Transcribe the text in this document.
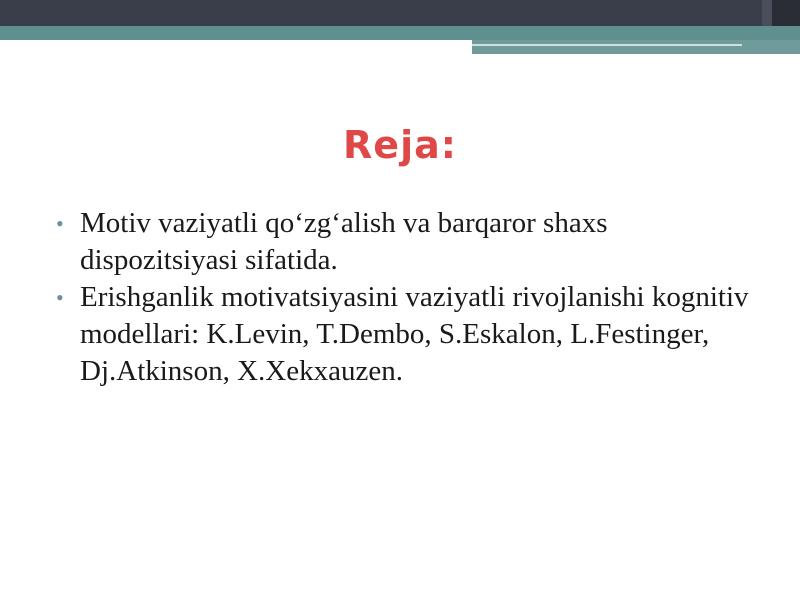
Reja:
• Motiv vaziyatli qo‘zg‘alish va barqaror shaxs dispozitsiyasi sifatida.
• Erishganlik motivatsiyasini vaziyatli rivojlanishi kognitiv modellari: K.Levin, T.Dembo, S.Eskalon, L.Festinger, Dj.Atkinson, X.Xekxauzen.
